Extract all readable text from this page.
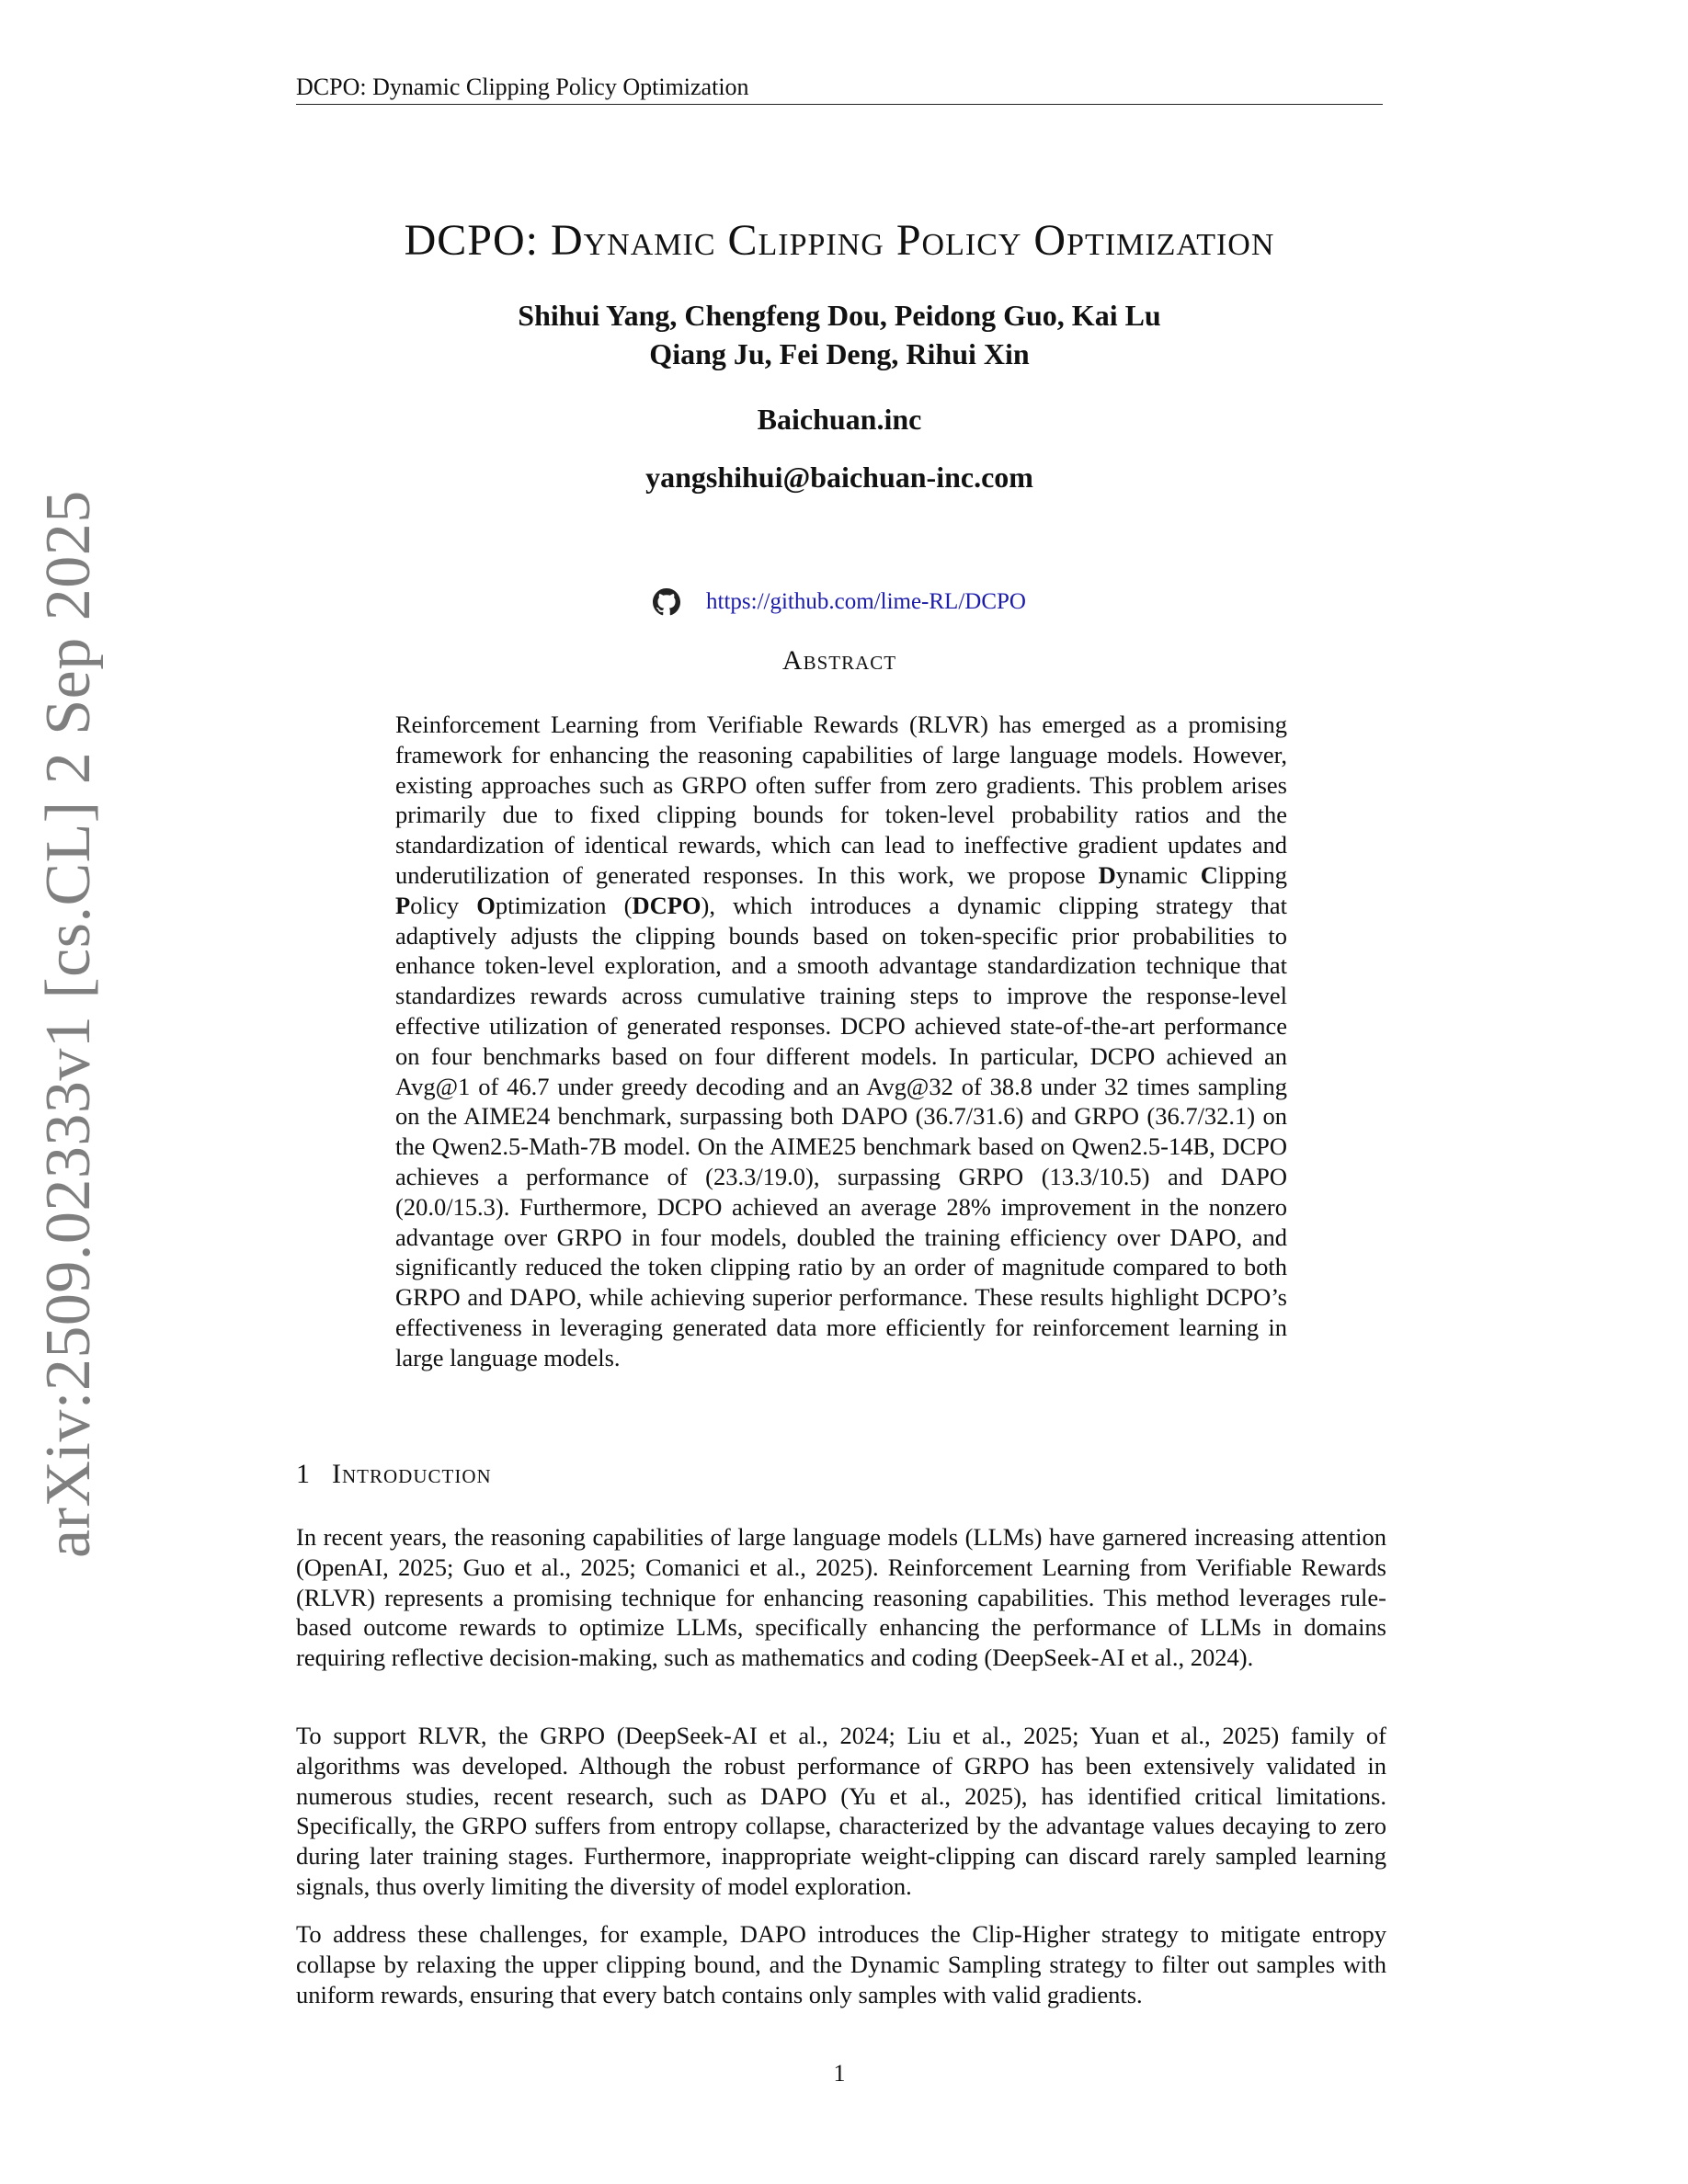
DCPO: Dynamic Clipping Policy Optimization
arXiv:2509.02333v1 [cs.CL] 2 Sep 2025
DCPO: Dynamic Clipping Policy Optimization
Shihui Yang, Chengfeng Dou, Peidong Guo, Kai Lu
Qiang Ju, Fei Deng, Rihui Xin
Baichuan.inc
yangshihui@baichuan-inc.com
https://github.com/lime-RL/DCPO
Abstract

Reinforcement Learning from Verifiable Rewards (RLVR) has emerged as a promising framework for enhancing the reasoning capabilities of large language models. However, existing approaches such as GRPO often suffer from zero gradients. This problem arises primarily due to fixed clipping bounds for token-level probability ratios and the standardization of identical rewards, which can lead to ineffective gradient updates and underutilization of generated responses. In this work, we propose Dynamic Clipping Policy Optimization (DCPO), which introduces a dynamic clipping strategy that adaptively adjusts the clipping bounds based on token-specific prior probabilities to enhance token-level exploration, and a smooth advantage standardization technique that standardizes rewards across cumulative training steps to improve the response-level effective utilization of generated responses. DCPO achieved state-of-the-art performance on four benchmarks based on four different models. In particular, DCPO achieved an Avg@1 of 46.7 under greedy decoding and an Avg@32 of 38.8 under 32 times sampling on the AIME24 benchmark, surpassing both DAPO (36.7/31.6) and GRPO (36.7/32.1) on the Qwen2.5-Math-7B model. On the AIME25 benchmark based on Qwen2.5-14B, DCPO achieves a performance of (23.3/19.0), surpassing GRPO (13.3/10.5) and DAPO (20.0/15.3). Furthermore, DCPO achieved an average 28% improvement in the nonzero advantage over GRPO in four models, doubled the training efficiency over DAPO, and significantly reduced the token clipping ratio by an order of magnitude compared to both GRPO and DAPO, while achieving superior performance. These results highlight DCPO’s effectiveness in leveraging generated data more efficiently for reinforcement learning in large language models.

1 Introduction

In recent years, the reasoning capabilities of large language models (LLMs) have garnered increasing attention (OpenAI, 2025; Guo et al., 2025; Comanici et al., 2025). Reinforcement Learning from Verifiable Rewards (RLVR) represents a promising technique for enhancing reasoning capabilities. This method leverages rule-based outcome rewards to optimize LLMs, specifically enhancing the performance of LLMs in domains requiring reflective decision-making, such as mathematics and coding (DeepSeek-AI et al., 2024).

To support RLVR, the GRPO (DeepSeek-AI et al., 2024; Liu et al., 2025; Yuan et al., 2025) family of algorithms was developed. Although the robust performance of GRPO has been extensively validated in numerous studies, recent research, such as DAPO (Yu et al., 2025), has identified critical limitations. Specifically, the GRPO suffers from entropy collapse, characterized by the advantage values decaying to zero during later training stages. Furthermore, inappropriate weight-clipping can discard rarely sampled learning signals, thus overly limiting the diversity of model exploration.

To address these challenges, for example, DAPO introduces the Clip-Higher strategy to mitigate entropy collapse by relaxing the upper clipping bound, and the Dynamic Sampling strategy to filter out samples with uniform rewards, ensuring that every batch contains only samples with valid gradients.

1
